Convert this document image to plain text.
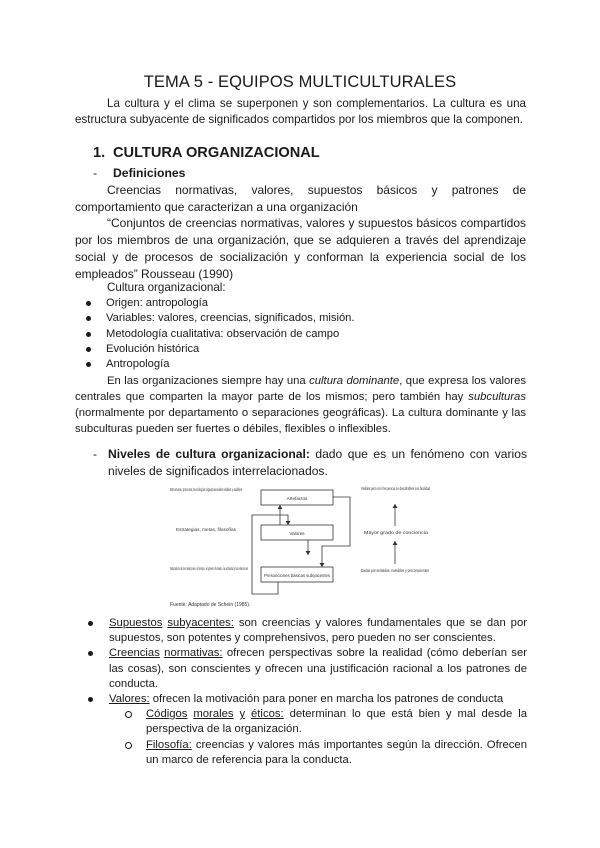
TEMA 5 - EQUIPOS MULTICULTURALES

La cultura y el clima se superponen y son complementarios. La cultura es una estructura subyacente de significados compartidos por los miembros que la componen.

1. CULTURA ORGANIZACIONAL
- Definiciones

Creencias normativas, valores, supuestos básicos y patrones de comportamiento que caracterizan a una organización

“Conjuntos de creencias normativas, valores y supuestos básicos compartidos por los miembros de una organización, que se adquieren a través del aprendizaje social y de procesos de socialización y conforman la experiencia social de los empleados” Rousseau (1990)

Cultura organizacional:

Origen: antropología
Variables: valores, creencias, significados, misión.
Metodología cualitativa: observación de campo
Evolución histórica
Antropología

En las organizaciones siempre hay una cultura dominante, que expresa los valores centrales que comparten la mayor parte de los mismos; pero también hay subculturas (normalmente por departamento o separaciones geográficas). La cultura dominante y las subculturas pueden ser fuertes o débiles, flexibles o inflexibles.

- Niveles de cultura organizacional: dado que es un fenómeno con varios niveles de significados interrelacionados.
Estructuras, procesos, tecnologías organizacionales visibles y audibles
Estrategias, metas, filosofías
Naturaleza de las relaciones, el tiempo, el género humano, la actividad y las relaciones
Artefactos
Valores
Presunciones básicas subyacentes
Visibles pero con frecuencia no descifrables con facilidad
Mayor grado de conciencia
Dadas por sentadas. Invisibles y preconscientes
Fuente: Adaptado de Schein (1985).
Supuestos subyacentes: son creencias y valores fundamentales que se dan por supuestos, son potentes y comprehensivos, pero pueden no ser conscientes.
Creencias normativas: ofrecen perspectivas sobre la realidad (cómo deberían ser las cosas), son conscientes y ofrecen una justificación racional a los patrones de conducta.
Valores: ofrecen la motivación para poner en marcha los patrones de conducta
Códigos morales y éticos: determinan lo que está bien y mal desde la perspectiva de la organización.
Filosofía: creencias y valores más importantes según la dirección. Ofrecen un marco de referencia para la conducta.
